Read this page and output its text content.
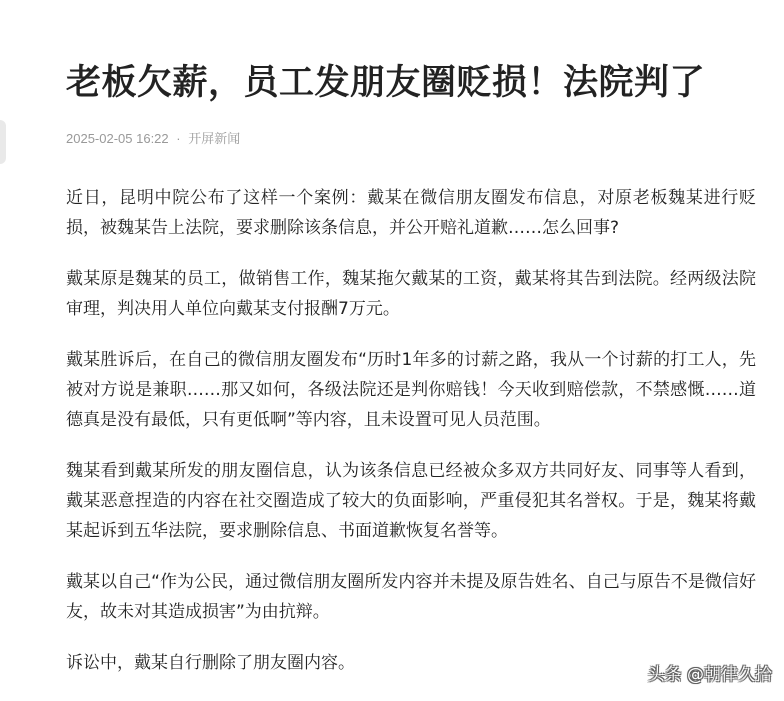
老板欠薪，员工发朋友圈贬损！法院判了
2025-02-05 16:22 · 开屏新闻

近日，昆明中院公布了这样一个案例：戴某在微信朋友圈发布信息，对原老板魏某进行贬损，被魏某告上法院，要求删除该条信息，并公开赔礼道歉……怎么回事?

戴某原是魏某的员工，做销售工作，魏某拖欠戴某的工资，戴某将其告到法院。经两级法院审理，判决用人单位向戴某支付报酬7万元。

戴某胜诉后，在自己的微信朋友圈发布“历时1年多的讨薪之路，我从一个讨薪的打工人，先被对方说是兼职……那又如何，各级法院还是判你赔钱！今天收到赔偿款，不禁感慨……道德真是没有最低，只有更低啊”等内容，且未设置可见人员范围。

魏某看到戴某所发的朋友圈信息，认为该条信息已经被众多双方共同好友、同事等人看到，戴某恶意捏造的内容在社交圈造成了较大的负面影响，严重侵犯其名誉权。于是，魏某将戴某起诉到五华法院，要求删除信息、书面道歉恢复名誉等。

戴某以自己“作为公民，通过微信朋友圈所发内容并未提及原告姓名、自己与原告不是微信好友，故未对其造成损害”为由抗辩。

诉讼中，戴某自行删除了朋友圈内容。

头条 @朝律久拾
